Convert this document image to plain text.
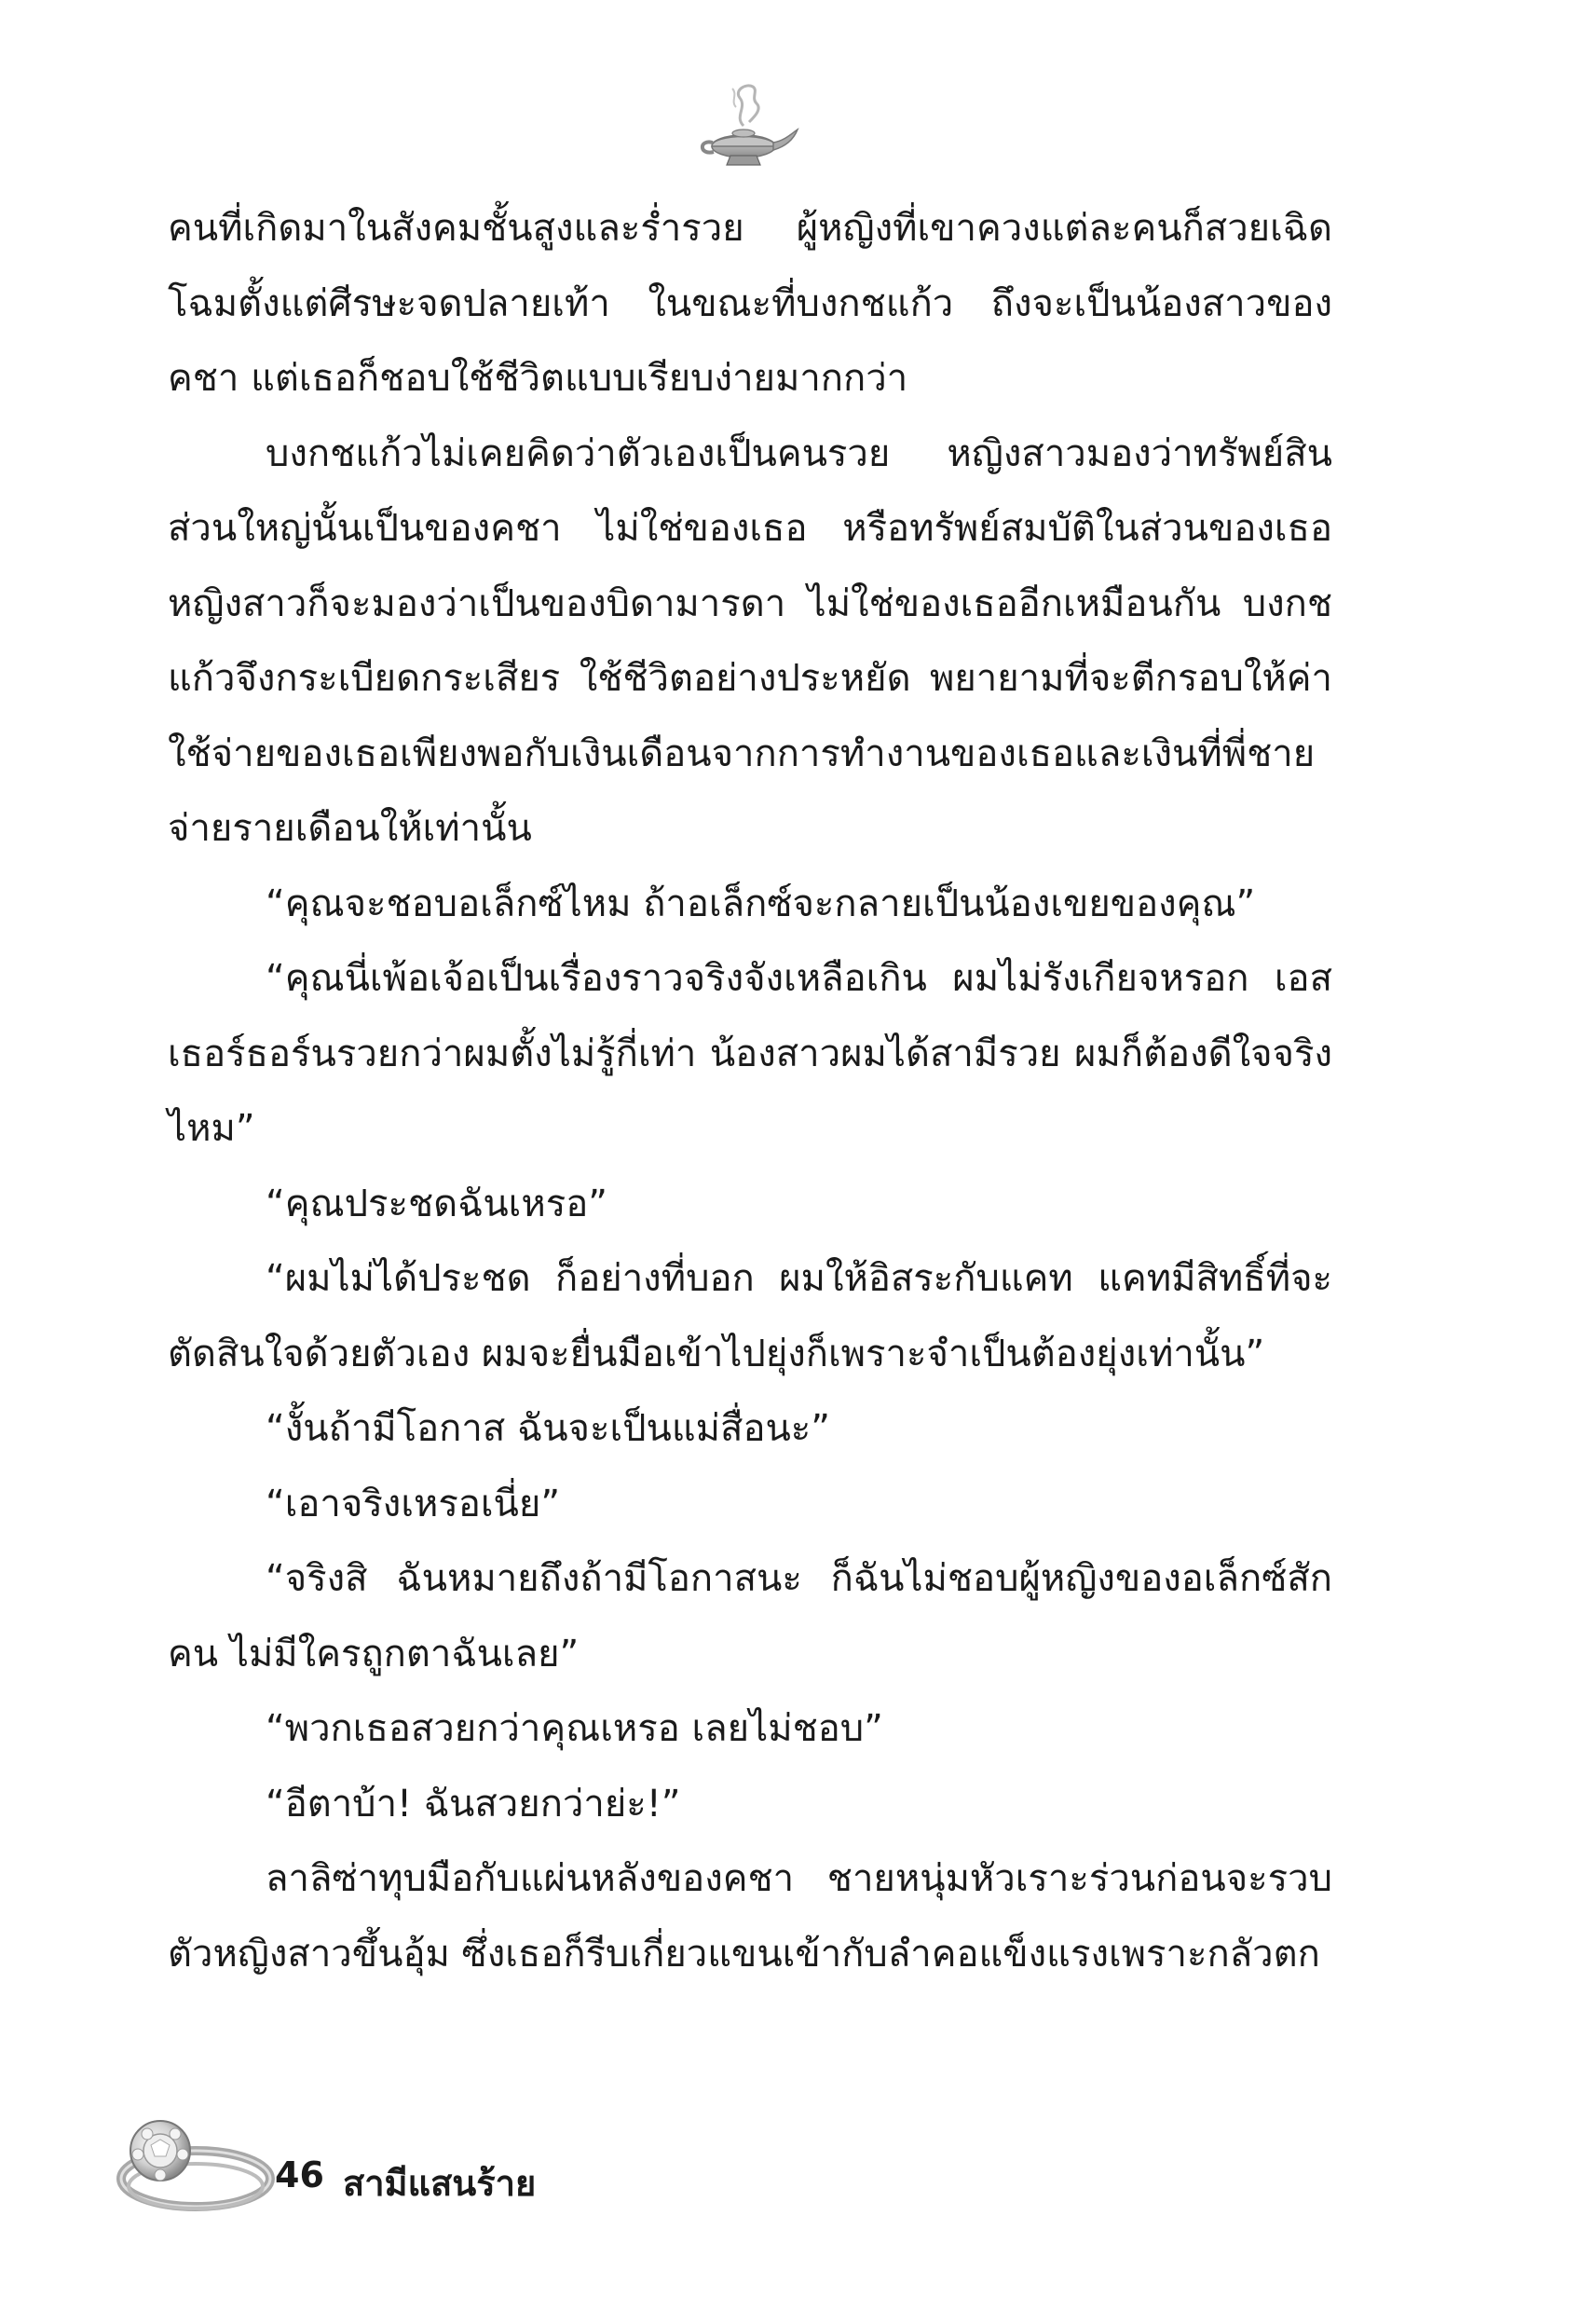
คนที่เกิดมาในสังคมชั้นสูงและร่ำรวย ผู้หญิงที่เขาควงแต่ละคนก็สวยเฉิดโฉมตั้งแต่ศีรษะจดปลายเท้า ในขณะที่บงกชแก้ว ถึงจะเป็นน้องสาวของคชา แต่เธอก็ชอบใช้ชีวิตแบบเรียบง่ายมากกว่า

บงกชแก้วไม่เคยคิดว่าตัวเองเป็นคนรวย หญิงสาวมองว่าทรัพย์สินส่วนใหญ่นั้นเป็นของคชา ไม่ใช่ของเธอ หรือทรัพย์สมบัติในส่วนของเธอหญิงสาวก็จะมองว่าเป็นของบิดามารดา ไม่ใช่ของเธออีกเหมือนกัน บงกชแก้วจึงกระเบียดกระเสียร ใช้ชีวิตอย่างประหยัด พยายามที่จะตีกรอบให้ค่าใช้จ่ายของเธอเพียงพอกับเงินเดือนจากการทำงานของเธอและเงินที่พี่ชายจ่ายรายเดือนให้เท่านั้น

“คุณจะชอบอเล็กซ์ไหม ถ้าอเล็กซ์จะกลายเป็นน้องเขยของคุณ”

“คุณนี่เพ้อเจ้อเป็นเรื่องราวจริงจังเหลือเกิน ผมไม่รังเกียจหรอก เอสเธอร์ธอร์นรวยกว่าผมตั้งไม่รู้กี่เท่า น้องสาวผมได้สามีรวย ผมก็ต้องดีใจจริงไหม”

“คุณประชดฉันเหรอ”

“ผมไม่ได้ประชด ก็อย่างที่บอก ผมให้อิสระกับแคท แคทมีสิทธิ์ที่จะตัดสินใจด้วยตัวเอง ผมจะยื่นมือเข้าไปยุ่งก็เพราะจำเป็นต้องยุ่งเท่านั้น”

“งั้นถ้ามีโอกาส ฉันจะเป็นแม่สื่อนะ”

“เอาจริงเหรอเนี่ย”

“จริงสิ ฉันหมายถึงถ้ามีโอกาสนะ ก็ฉันไม่ชอบผู้หญิงของอเล็กซ์สักคน ไม่มีใครถูกตาฉันเลย”

“พวกเธอสวยกว่าคุณเหรอ เลยไม่ชอบ”

“อีตาบ้า! ฉันสวยกว่าย่ะ!”

ลาลิซ่าทุบมือกับแผ่นหลังของคชา ชายหนุ่มหัวเราะร่วนก่อนจะรวบตัวหญิงสาวขึ้นอุ้ม ซึ่งเธอก็รีบเกี่ยวแขนเข้ากับลำคอแข็งแรงเพราะกลัวตก

46 สามีแสนร้าย
